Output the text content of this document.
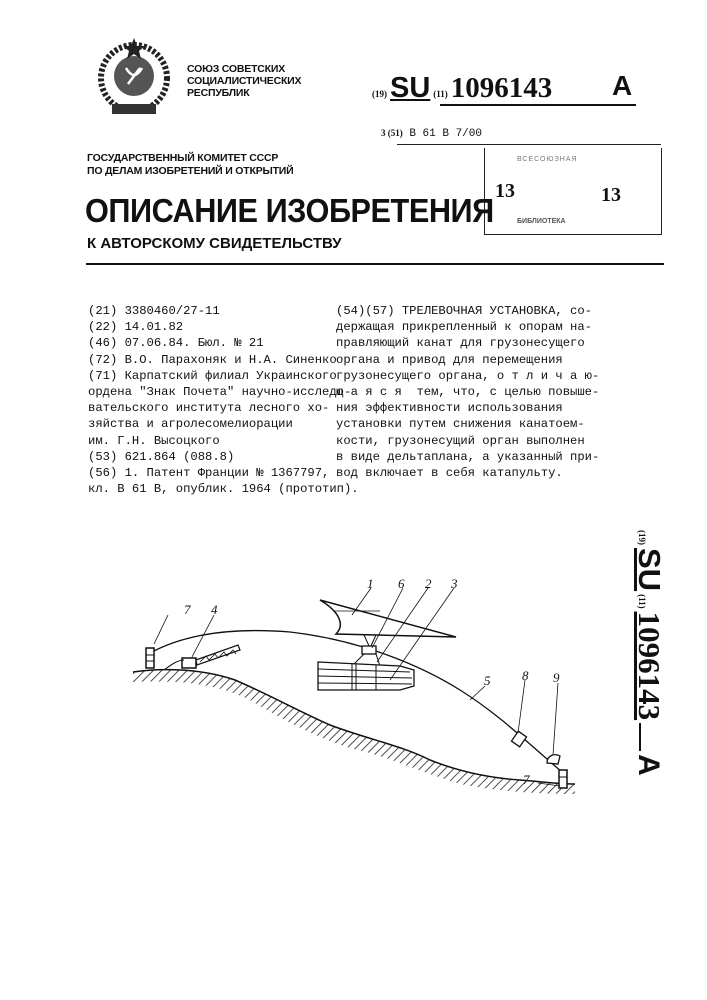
СОЮЗ СОВЕТСКИХ
СОЦИАЛИСТИЧЕСКИХ
РЕСПУБЛИК	(19) SU (11) 1096143 A
3 (51) В 61 В 7/00
ВСЕСОЮЗНАЯ
13	13
БИБЛИОТЕКА
ГОСУДАРСТВЕННЫЙ КОМИТЕТ СССР
ПО ДЕЛАМ ИЗОБРЕТЕНИЙ И ОТКРЫТИЙ
ОПИСАНИЕ ИЗОБРЕТЕНИЯ
К АВТОРСКОМУ СВИДЕТЕЛЬСТВУ
(21) 3380460/27-11
(22) 14.01.82
(46) 07.06.84. Бюл. № 21
(72) В.О. Парахоняк и Н.А. Синенко
(71) Карпатский филиал Украинского
ордена "Знак Почета" научно-исследо-
вательского института лесного хо-
зяйства и агролесомелиорации
им. Г.Н. Высоцкого
(53) 621.864 (088.8)
(56) 1. Патент Франции № 1367797,
кл. В 61 В, опублик. 1964 (прототип).
(54)(57) ТРЕЛЕВОЧНАЯ УСТАНОВКА, со-
держащая прикрепленный к опорам на-
правляющий канат для грузонесущего
органа и привод для перемещения
грузонесущего органа, о т л и ч а ю-
щ а я с я  тем, что, с целью повыше-
ния эффективности использования
установки путем снижения канатоем-
кости, грузонесущий орган выполнен
в виде дельтаплана, а указанный при-
вод включает в себя катапульту.
(19)
SU
(11)
1096143
A
7 4
1 6 2 3
5 8 9
7
